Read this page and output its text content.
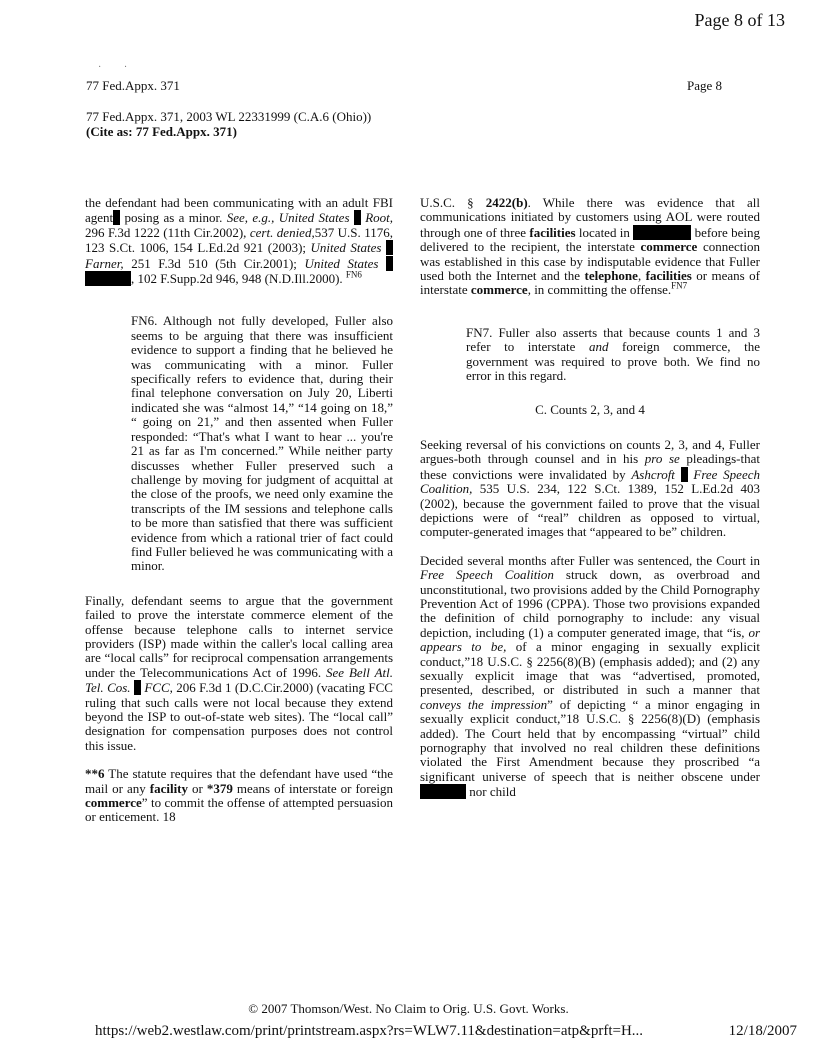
Page 8 of 13
·         ·
77 Fed.Appx. 371	Page 8
77 Fed.Appx. 371, 2003 WL 22331999 (C.A.6 (Ohio))
(Cite as: 77 Fed.Appx. 371)

the defendant had been communicating with an adult FBI agent posing as a minor. See, e.g., United States  Root, 296 F.3d 1222 (11th Cir.2002), cert. denied,537 U.S. 1176, 123 S.Ct. 1006, 154 L.Ed.2d 921 (2003); United States  Farner, 251 F.3d 510 (5th Cir.2001); United States  , 102 F.Supp.2d 946, 948 (N.D.Ill.2000). $^{FN6}$

FN6. Although not fully developed, Fuller also seems to be arguing that there was insufficient evidence to support a finding that he believed he was communicating with a minor. Fuller specifically refers to evidence that, during their final telephone conversation on July 20, Liberti indicated she was “almost 14,” “14 going on 18,” “ going on 21,” and then assented when Fuller responded: “That's what I want to hear ... you're 21 as far as I'm concerned.” While neither party discusses whether Fuller preserved such a challenge by moving for judgment of acquittal at the close of the proofs, we need only examine the transcripts of the IM sessions and telephone calls to be more than satisfied that there was sufficient evidence from which a rational trier of fact could find Fuller believed he was communicating with a minor.

Finally, defendant seems to argue that the government failed to prove the interstate commerce element of the offense because telephone calls to internet service providers (ISP) made within the caller's local calling area are “local calls” for reciprocal compensation arrangements under the Telecommunications Act of 1996. See Bell Atl. Tel. Cos.  FCC, 206 F.3d 1 (D.C.Cir.2000) (vacating FCC ruling that such calls were not local because they extend beyond the ISP to out-of-state web sites). The “local call” designation for compensation purposes does not control this issue.

**6 The statute requires that the defendant have used “the mail or any facility or *379 means of interstate or foreign commerce” to commit the offense of attempted persuasion or enticement. 18

U.S.C. § 2422(b). While there was evidence that all communications initiated by customers using AOL were routed through one of three facilities located in	before being delivered to the recipient, the interstate commerce connection was established in this case by indisputable evidence that Fuller used both the Internet and the telephone, facilities or means of interstate commerce, in committing the offense.$^{FN7}$

FN7. Fuller also asserts that because counts 1 and 3 refer to interstate and foreign commerce, the government was required to prove both. We find no error in this regard.

C. Counts 2, 3, and 4

Seeking reversal of his convictions on counts 2, 3, and 4, Fuller argues-both through counsel and in his pro se pleadings-that these convictions were invalidated by Ashcroft  Free Speech Coalition, 535 U.S. 234, 122 S.Ct. 1389, 152 L.Ed.2d 403 (2002), because the government failed to prove that the visual depictions were of “real” children as opposed to virtual, computer-generated images that “appeared to be” children.

Decided several months after Fuller was sentenced, the Court in Free Speech Coalition struck down, as overbroad and unconstitutional, two provisions added by the Child Pornography Prevention Act of 1996 (CPPA). Those two provisions expanded the definition of child pornography to include: any visual depiction, including (1) a computer generated image, that “is, or appears to be, of a minor engaging in sexually explicit conduct,”18 U.S.C. § 2256(8)(B) (emphasis added); and (2) any sexually explicit image that was “advertised, promoted, presented, described, or distributed in such a manner that conveys the impression” of depicting “ a minor engaging in sexually explicit conduct,”18 U.S.C. § 2256(8)(D) (emphasis added). The Court held that by encompassing “virtual” child pornography that involved no real children these definitions violated the First Amendment because they proscribed “a significant universe of speech that is neither obscene under  nor child

© 2007 Thomson/West. No Claim to Orig. U.S. Govt. Works.
https://web2.westlaw.com/print/printstream.aspx?rs=WLW7.11&destination=atp&prft=H...	12/18/2007
